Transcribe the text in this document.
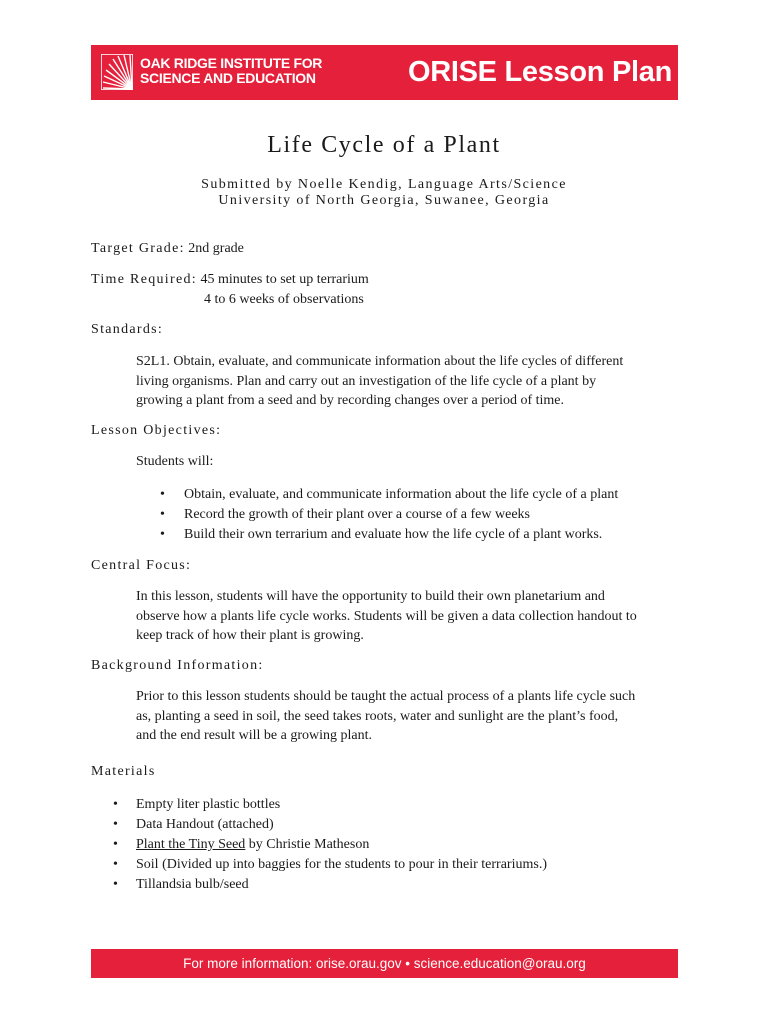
OAK RIDGE INSTITUTE FOR
SCIENCE AND EDUCATION	ORISE Lesson Plan
Life Cycle of a Plant
Submitted by Noelle Kendig, Language Arts/Science
University of North Georgia, Suwanee, Georgia
Target Grade: 2nd grade
Time Required: 45 minutes to set up terrarium
4 to 6 weeks of observations
Standards:
S2L1. Obtain, evaluate, and communicate information about the life cycles of different
living organisms. Plan and carry out an investigation of the life cycle of a plant by
growing a plant from a seed and by recording changes over a period of time.
Lesson Objectives:
Students will:
• Obtain, evaluate, and communicate information about the life cycle of a plant
• Record the growth of their plant over a course of a few weeks
• Build their own terrarium and evaluate how the life cycle of a plant works.
Central Focus:
In this lesson, students will have the opportunity to build their own planetarium and
observe how a plants life cycle works. Students will be given a data collection handout to
keep track of how their plant is growing.
Background Information:
Prior to this lesson students should be taught the actual process of a plants life cycle such
as, planting a seed in soil, the seed takes roots, water and sunlight are the plant’s food,
and the end result will be a growing plant.
Materials
• Empty liter plastic bottles
• Data Handout (attached)
• Plant the Tiny Seed by Christie Matheson
• Soil (Divided up into baggies for the students to pour in their terrariums.)
• Tillandsia bulb/seed
For more information: orise.orau.gov • science.education@orau.org
